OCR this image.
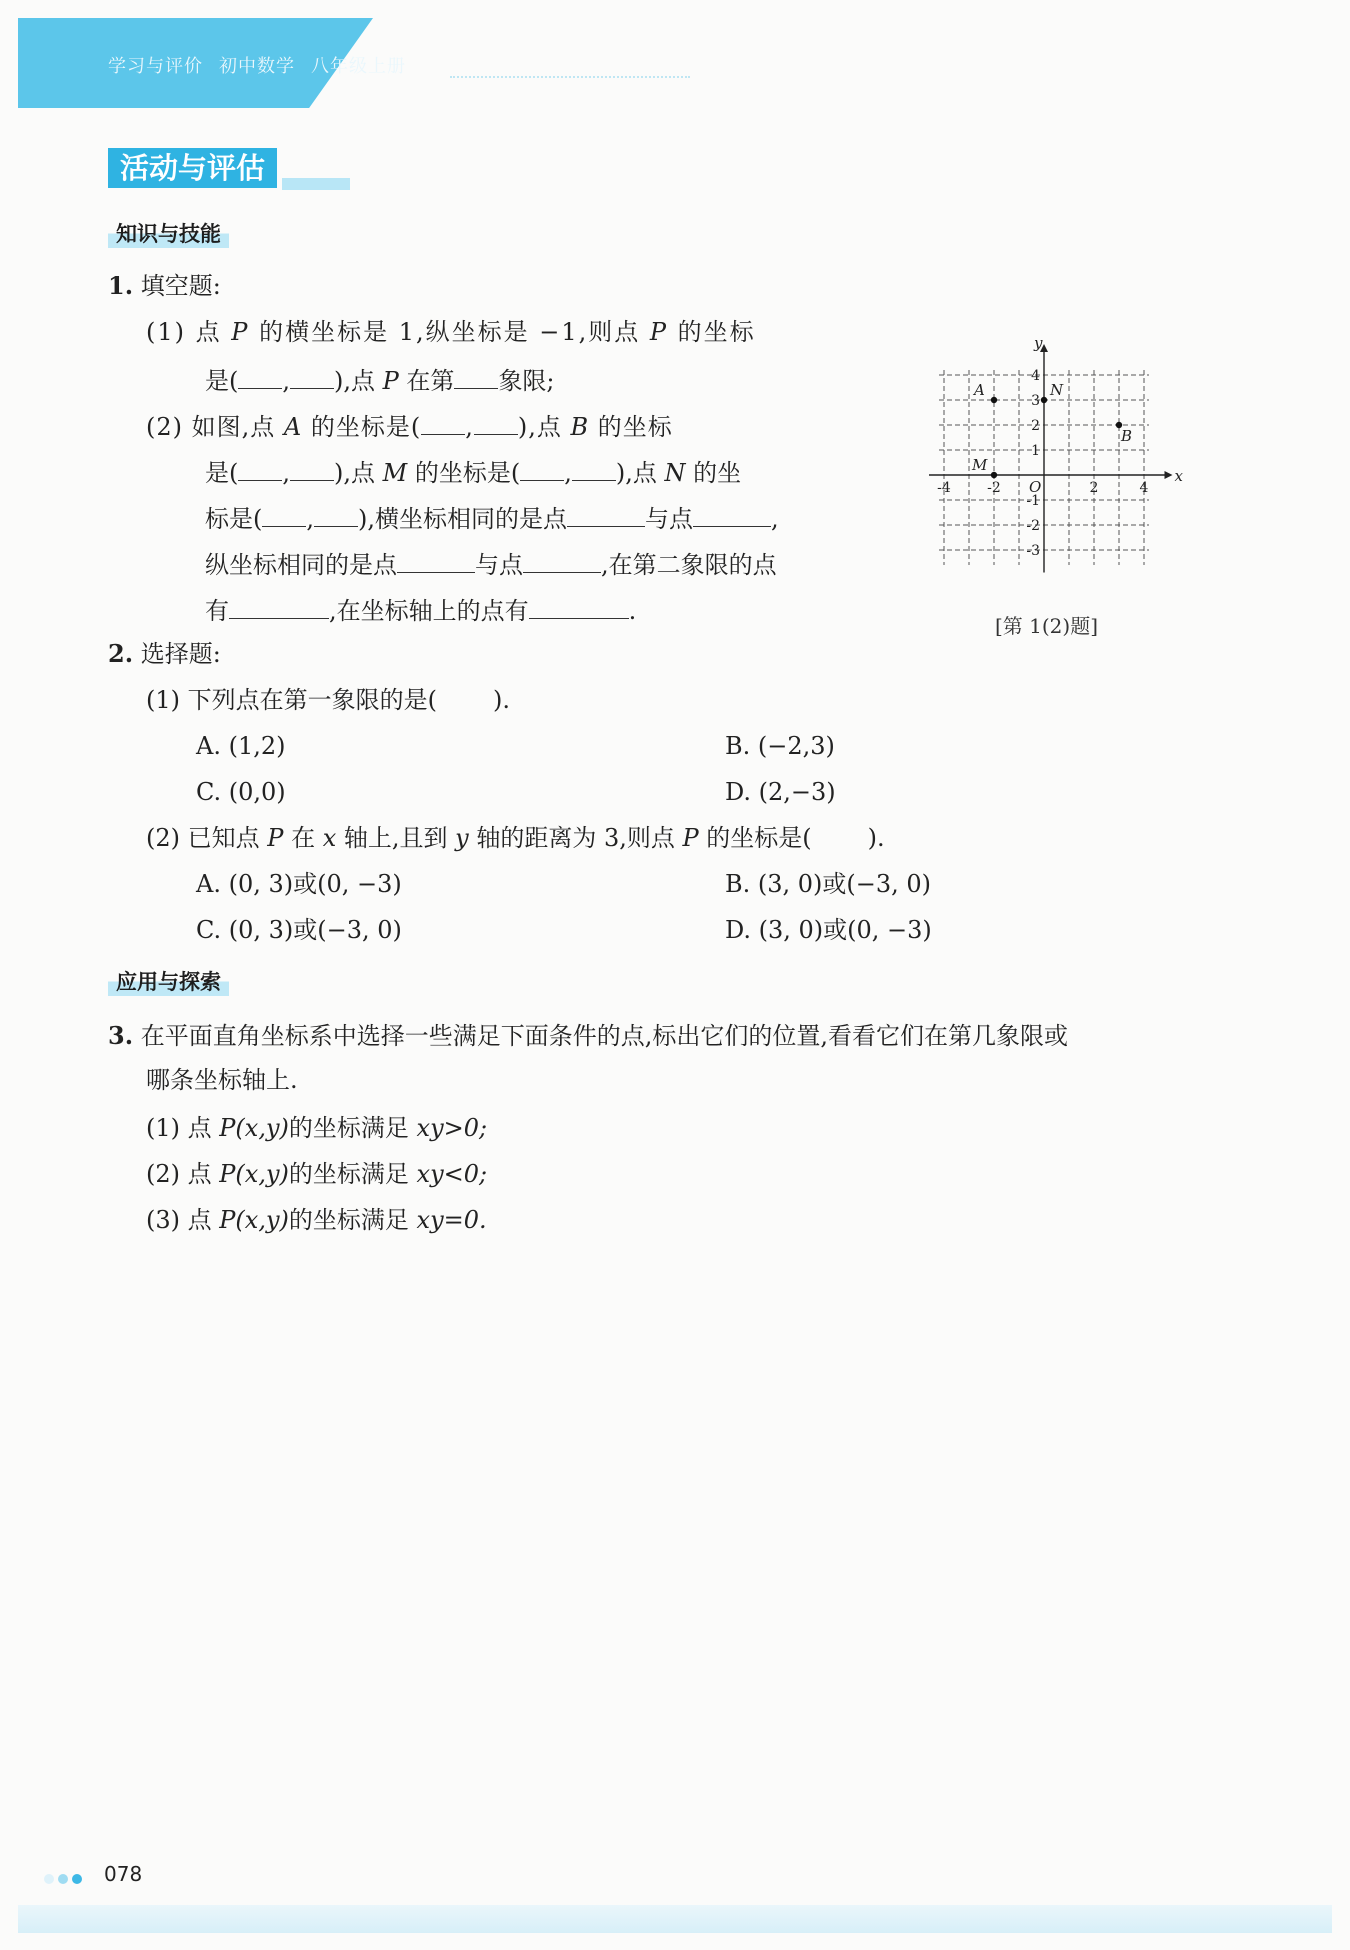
学习与评价 初中数学 八年级上册
活动与评估
知识与技能
1. 填空题:
(1) 点 P 的横坐标是 1,纵坐标是 −1,则点 P 的坐标
是( , ),点 P 在第 象限;
(2) 如图,点 A 的坐标是( , ),点 B 的坐标
是( , ),点 M 的坐标是( , ),点 N 的坐
标是( , ),横坐标相同的是点	与点	,
纵坐标相同的是点	与点	,在第二象限的点
有	,在坐标轴上的点有	.
x
y
O
-4	-2	2	4
4
3
2
1
-1
-2
-3
A	N
B
M
[第 1(2)题]
2. 选择题:
(1) 下列点在第一象限的是( ).
A. (1,2)	B. (−2,3)
C. (0,0)	D. (2,−3)
(2) 已知点 P 在 x 轴上,且到 y 轴的距离为 3,则点 P 的坐标是( ).
A. (0, 3)或(0, −3)	B. (3, 0)或(−3, 0)
C. (0, 3)或(−3, 0)	D. (3, 0)或(0, −3)
应用与探索
3. 在平面直角坐标系中选择一些满足下面条件的点,标出它们的位置,看看它们在第几象限或
哪条坐标轴上.
(1) 点 P(x,y)的坐标满足 xy>0;
(2) 点 P(x,y)的坐标满足 xy<0;
(3) 点 P(x,y)的坐标满足 xy=0.
078
